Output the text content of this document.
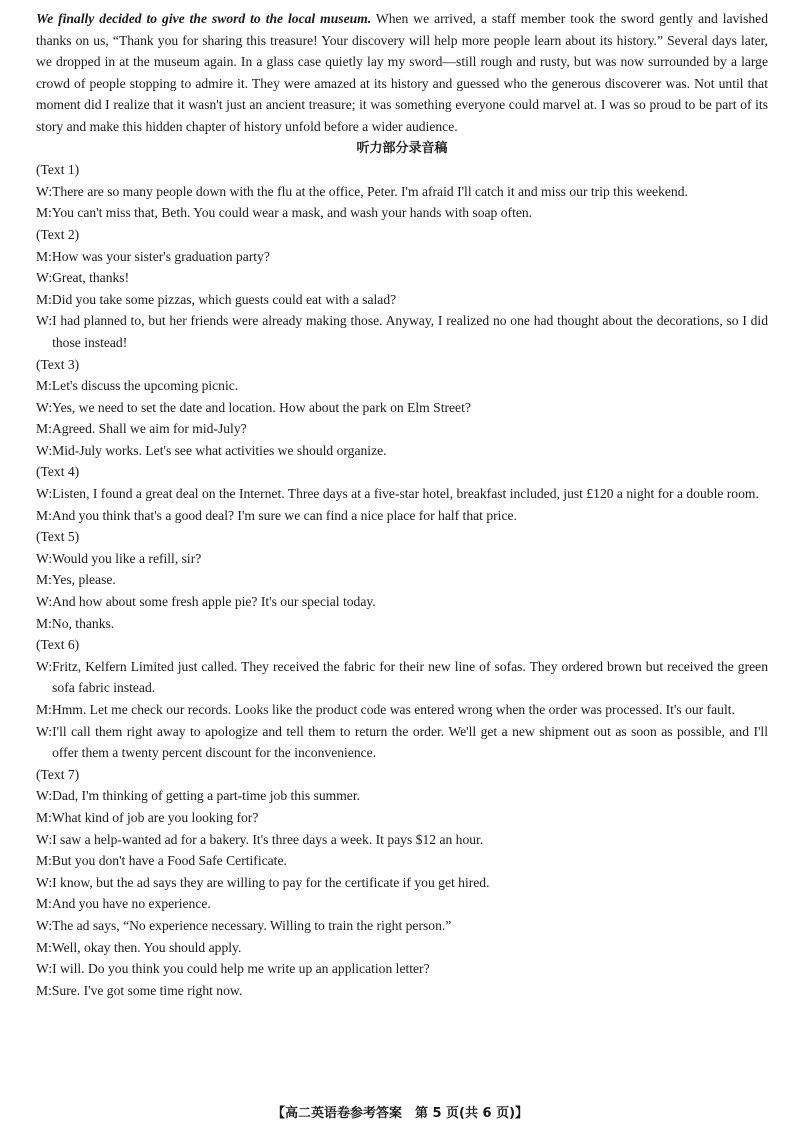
We finally decided to give the sword to the local museum. When we arrived, a staff member took the sword gently and lavished thanks on us, “Thank you for sharing this treasure! Your discovery will help more people learn about its history.” Several days later, we dropped in at the museum again. In a glass case quietly lay my sword—still rough and rusty, but was now surrounded by a large crowd of people stopping to admire it. They were amazed at its history and guessed who the generous discoverer was. Not until that moment did I realize that it wasn't just an ancient treasure; it was something everyone could marvel at. I was so proud to be part of its story and make this hidden chapter of history unfold before a wider audience.

听力部分录音稿

(Text 1)

W: There are so many people down with the flu at the office, Peter. I'm afraid I'll catch it and miss our trip this weekend.
M: You can't miss that, Beth. You could wear a mask, and wash your hands with soap often.

(Text 2)

M: How was your sister's graduation party?
W: Great, thanks!
M: Did you take some pizzas, which guests could eat with a salad?
W: I had planned to, but her friends were already making those. Anyway, I realized no one had thought about the decorations, so I did those instead!

(Text 3)

M: Let's discuss the upcoming picnic.
W: Yes, we need to set the date and location. How about the park on Elm Street?
M: Agreed. Shall we aim for mid-July?
W: Mid-July works. Let's see what activities we should organize.

(Text 4)

W: Listen, I found a great deal on the Internet. Three days at a five-star hotel, breakfast included, just £120 a night for a double room.
M: And you think that's a good deal? I'm sure we can find a nice place for half that price.

(Text 5)

W: Would you like a refill, sir?
M: Yes, please.
W: And how about some fresh apple pie? It's our special today.
M: No, thanks.

(Text 6)

W: Fritz, Kelfern Limited just called. They received the fabric for their new line of sofas. They ordered brown but received the green sofa fabric instead.
M: Hmm. Let me check our records. Looks like the product code was entered wrong when the order was processed. It's our fault.
W: I'll call them right away to apologize and tell them to return the order. We'll get a new shipment out as soon as possible, and I'll offer them a twenty percent discount for the inconvenience.

(Text 7)

W: Dad, I'm thinking of getting a part-time job this summer.
M: What kind of job are you looking for?
W: I saw a help-wanted ad for a bakery. It's three days a week. It pays $12 an hour.
M: But you don't have a Food Safe Certificate.
W: I know, but the ad says they are willing to pay for the certificate if you get hired.
M: And you have no experience.
W: The ad says, “No experience necessary. Willing to train the right person.”
M: Well, okay then. You should apply.
W: I will. Do you think you could help me write up an application letter?
M: Sure. I've got some time right now.
【高二英语卷参考答案　第 5 页(共 6 页)】
